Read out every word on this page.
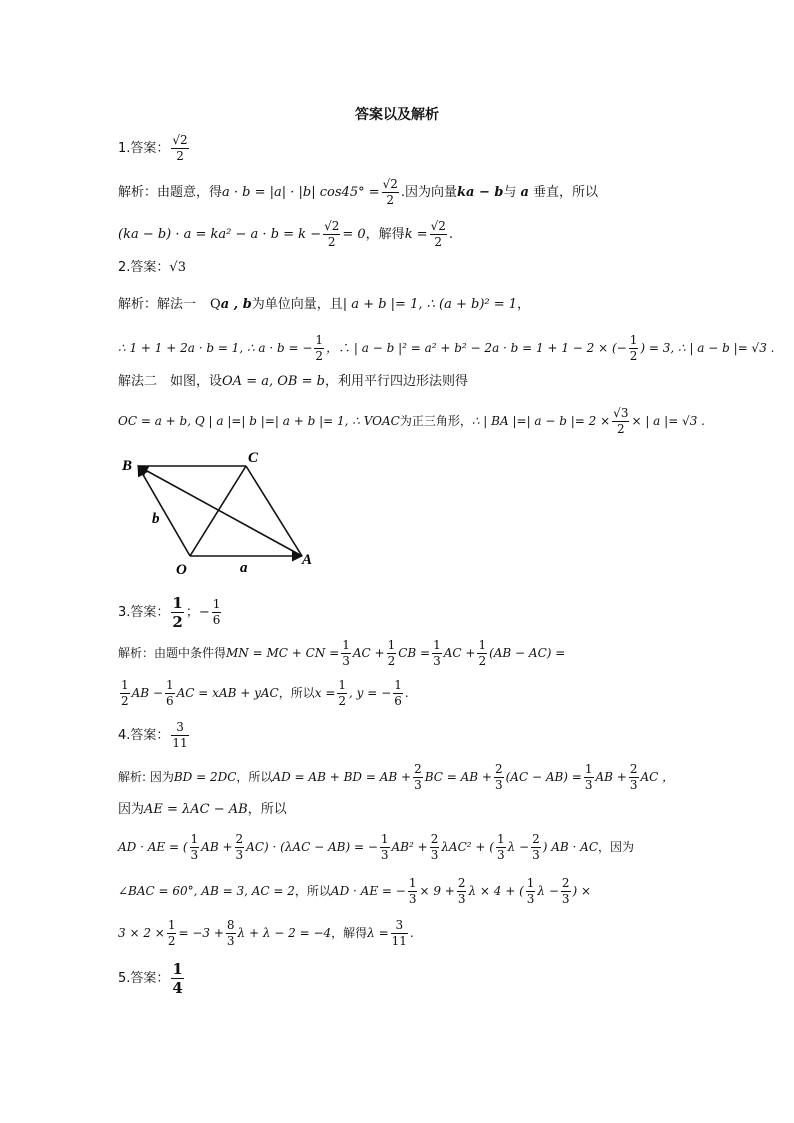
答案以及解析
1.答案： $\frac{√2}{2}$
解析：由题意，得a · b = |a| · |b| $\cos 45^\circ = \frac{√2}{2}$ .因为向量ka − b与 a 垂直，所以
$(ka - b) \cdot a = ka^2 - a \cdot b = k - \frac{√2}{2} = 0$，解得$k = \frac{√2}{2}$ .
2.答案：√3
解析：解法一 Qa , b为单位向量，且| a + b |= 1, ∴ (a + b)² = 1，
∴ 1 + 1 + 2a · b = 1, ∴ a · b = − $\frac{1}{2}$ ，∴ | a − b |² = a² + b² − 2a · b = 1 + 1 − 2 × (− $\frac{1}{2}$ ) = 3, ∴ | a − b |= √3 .
解法二　如图，设OA = a, OB = b，利用平行四边形法则得
OC = a + b, Q | a |=| b |=| a + b |= 1, ∴ VOAC为正三角形，∴ | BA |=| a − b |= $2 \times \frac{√3}{2}$ × | a |= √3 .
B	C
O
A
b
a
3.答案： $\frac{1}{2}$ ；− $\frac{1}{6}$
解析：由题中条件得MN = MC + CN = $\frac{1}{3}$ AC + $\frac{1}{2}$ CB = $\frac{1}{3}$ AC + $\frac{1}{2} (AB - AC)$ =
$\frac{1}{2}$ AB − $\frac{1}{6}$ AC = xAB + yAC，所以$x = \frac{1}{2}$ , y = − $\frac{1}{6}$ .
4.答案： $\frac{3}{11}$
解析: 因为BD = 2DC，所以AD = AB + BD = AB + $\frac{2}{3}$ BC = AB + $\frac{2}{3} (AC - AB) = \frac{1}{3}$ AB + $\frac{2}{3}$ AC ，
因为AE = λAC − AB，所以
AD · AE = ( $\frac{1}{3}$ AB + $\frac{2}{3} AC) \cdot (\lambda AC - AB)$ = − $\frac{1}{3} AB^2 + \frac{2}{3} \lambda AC^2$ + ( $\frac{1}{3}$ $\lambda - \frac{2}{3}$ ) AB · AC，因为
∠BAC = 60°, AB = 3, AC = 2，所以AD · AE = − $\frac{1}{3} \times 9 + \frac{2}{3}$ λ × 4 + ( $\frac{1}{3}$ $\lambda - \frac{2}{3}$ ) ×
$3 \times 2 \times \frac{1}{2} = -3 + \frac{8}{3}$ λ + λ − 2 = −4，解得$\lambda = \frac{3}{11}$ .
5.答案： $\frac{1}{4}$
